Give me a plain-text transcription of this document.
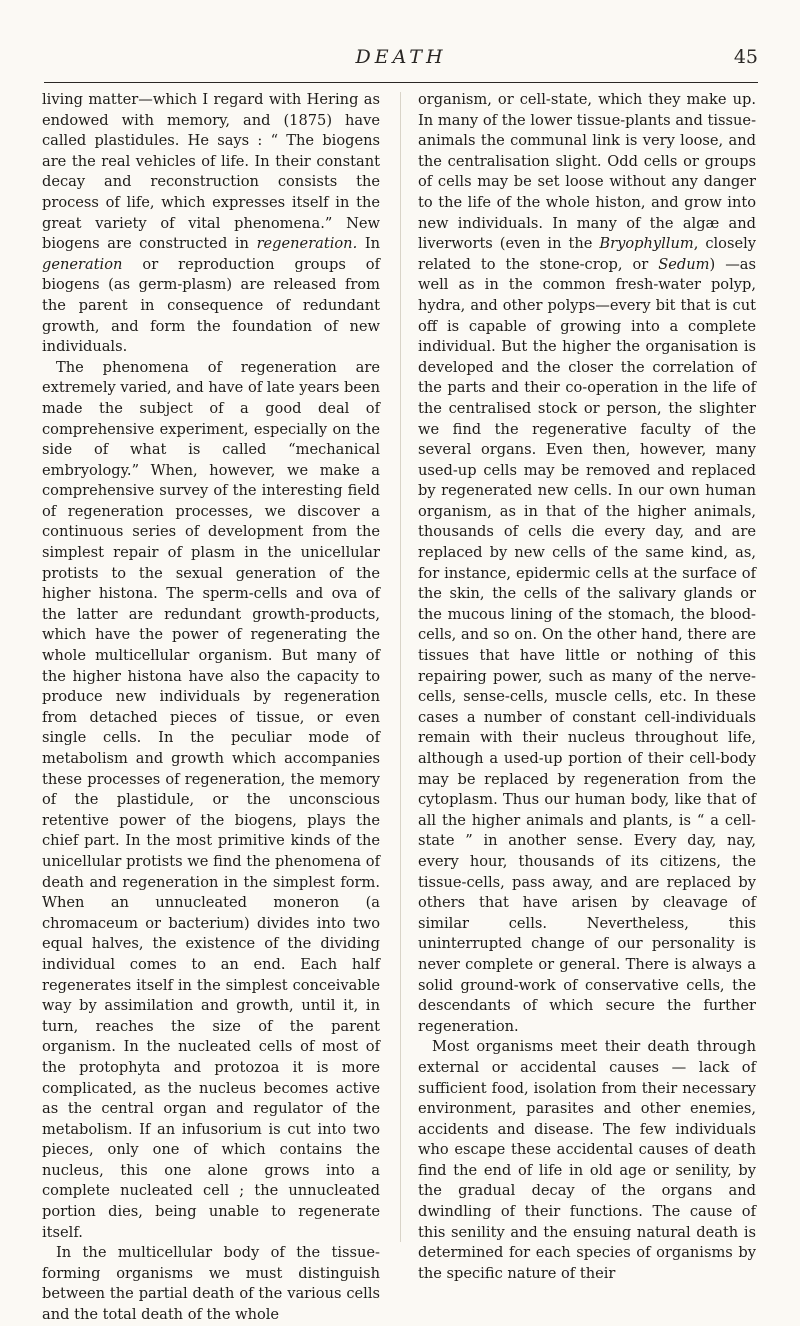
DEATH	45

living matter—which I regard with Hering as endowed with memory, and (1875) have called plastidules. He says : “ The biogens are the real vehicles of life. In their constant decay and reconstruction consists the process of life, which expresses itself in the great variety of vital phenomena.” New biogens are constructed in regeneration. In generation or reproduction groups of biogens (as germ-plasm) are released from the parent in consequence of redundant growth, and form the foundation of new individuals.

The phenomena of regeneration are extremely varied, and have of late years been made the subject of a good deal of comprehensive experiment, especially on the side of what is called “mechanical embryology.” When, however, we make a comprehensive survey of the interesting field of regeneration processes, we discover a continuous series of development from the simplest repair of plasm in the unicellular protists to the sexual generation of the higher histona. The sperm-cells and ova of the latter are redundant growth-products, which have the power of regenerating the whole multicellular organism. But many of the higher histona have also the capacity to produce new individuals by regeneration from detached pieces of tissue, or even single cells. In the peculiar mode of metabolism and growth which accompanies these processes of regeneration, the memory of the plastidule, or the unconscious retentive power of the biogens, plays the chief part. In the most primitive kinds of the unicellular protists we find the phenomena of death and regeneration in the simplest form. When an unnucleated moneron (a chromaceum or bacterium) divides into two equal halves, the existence of the dividing individual comes to an end. Each half regenerates itself in the simplest conceivable way by assimilation and growth, until it, in turn, reaches the size of the parent organism. In the nucleated cells of most of the protophyta and protozoa it is more complicated, as the nucleus becomes active as the central organ and regulator of the metabolism. If an infusorium is cut into two pieces, only one of which contains the nucleus, this one alone grows into a complete nucleated cell ; the unnucleated portion dies, being unable to regenerate itself.

In the multicellular body of the tissue-forming organisms we must distinguish between the partial death of the various cells and the total death of the whole

organism, or cell-state, which they make up. In many of the lower tissue-plants and tissue-animals the communal link is very loose, and the centralisation slight. Odd cells or groups of cells may be set loose without any danger to the life of the whole histon, and grow into new individuals. In many of the algæ and liverworts (even in the Bryophyllum, closely related to the stone-crop, or Sedum) —as well as in the common fresh-water polyp, hydra, and other polyps—every bit that is cut off is capable of growing into a complete individual. But the higher the organisation is developed and the closer the correlation of the parts and their co-operation in the life of the centralised stock or person, the slighter we find the regenerative faculty of the several organs. Even then, however, many used-up cells may be removed and replaced by regenerated new cells. In our own human organism, as in that of the higher animals, thousands of cells die every day, and are replaced by new cells of the same kind, as, for instance, epidermic cells at the surface of the skin, the cells of the salivary glands or the mucous lining of the stomach, the blood-cells, and so on. On the other hand, there are tissues that have little or nothing of this repairing power, such as many of the nerve-cells, sense-cells, muscle cells, etc. In these cases a number of constant cell-individuals remain with their nucleus throughout life, although a used-up portion of their cell-body may be replaced by regeneration from the cytoplasm. Thus our human body, like that of all the higher animals and plants, is “ a cell-state ” in another sense. Every day, nay, every hour, thousands of its citizens, the tissue-cells, pass away, and are replaced by others that have arisen by cleavage of similar cells. Nevertheless, this uninterrupted change of our personality is never complete or general. There is always a solid ground-work of conservative cells, the descendants of which secure the further regeneration.

Most organisms meet their death through external or accidental causes — lack of sufficient food, isolation from their necessary environment, parasites and other enemies, accidents and disease. The few individuals who escape these accidental causes of death find the end of life in old age or senility, by the gradual decay of the organs and dwindling of their functions. The cause of this senility and the ensuing natural death is determined for each species of organisms by the specific nature of their
